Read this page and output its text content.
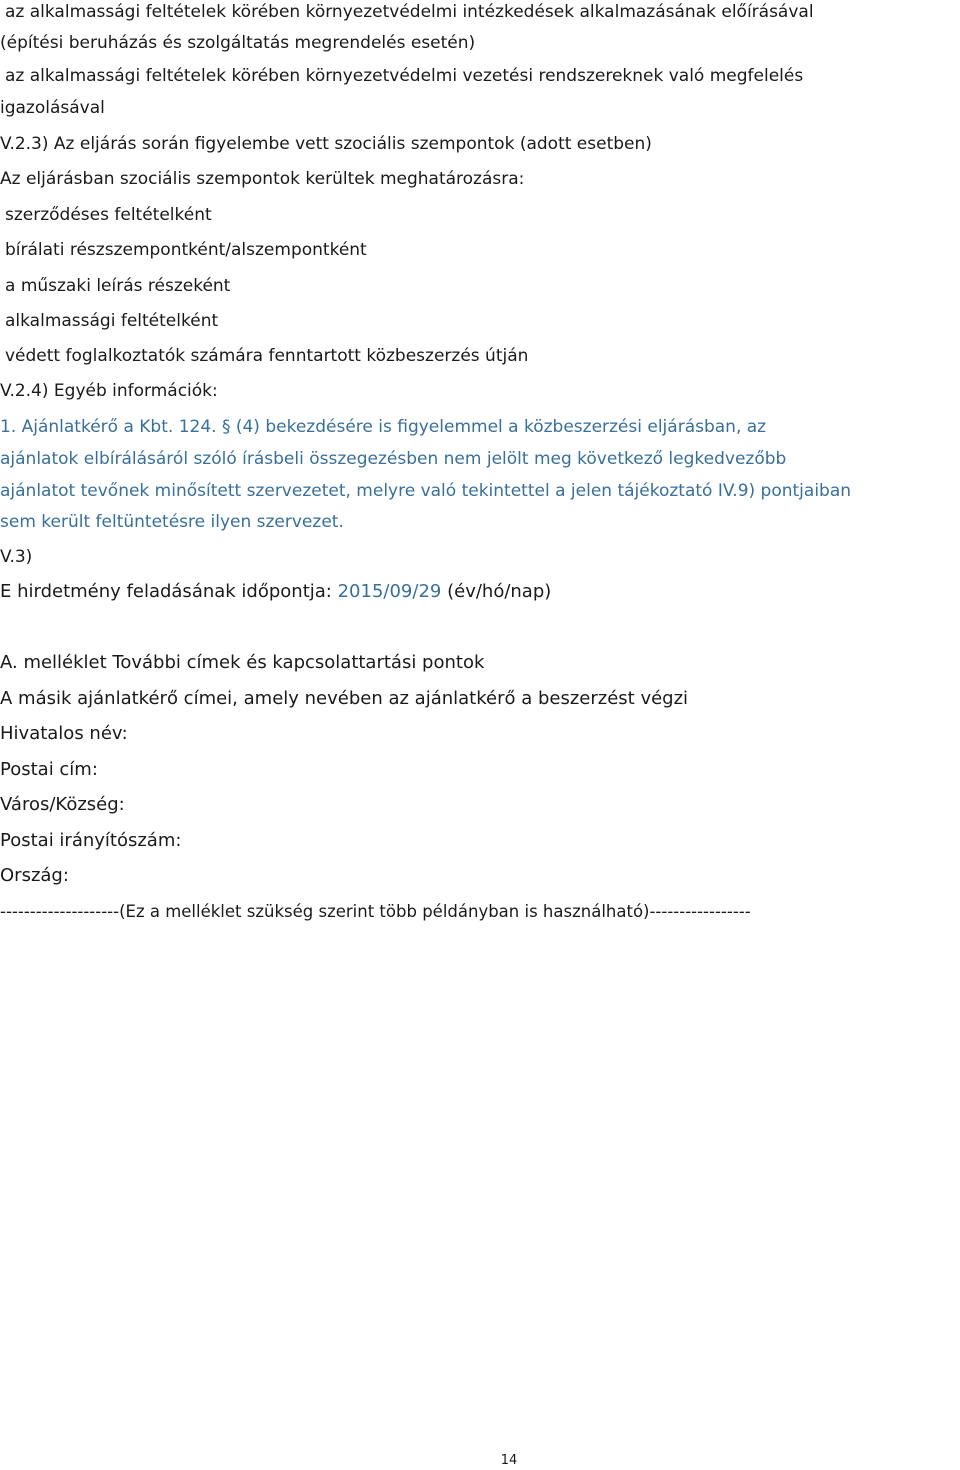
az alkalmassági feltételek körében környezetvédelmi intézkedések alkalmazásának előírásával
(építési beruházás és szolgáltatás megrendelés esetén)
az alkalmassági feltételek körében környezetvédelmi vezetési rendszereknek való megfelelés
igazolásával
V.2.3) Az eljárás során figyelembe vett szociális szempontok (adott esetben)
Az eljárásban szociális szempontok kerültek meghatározásra:
szerződéses feltételként
bírálati részszempontként/alszempontként
a műszaki leírás részeként
alkalmassági feltételként
védett foglalkoztatók számára fenntartott közbeszerzés útján
V.2.4) Egyéb információk:
1. Ajánlatkérő a Kbt. 124. § (4) bekezdésére is figyelemmel a közbeszerzési eljárásban, az
ajánlatok elbírálásáról szóló írásbeli összegezésben nem jelölt meg következő legkedvezőbb
ajánlatot tevőnek minősített szervezetet, melyre való tekintettel a jelen tájékoztató IV.9) pontjaiban
sem került feltüntetésre ilyen szervezet.
V.3)
E hirdetmény feladásának időpontja: 2015/09/29 (év/hó/nap)
A. melléklet További címek és kapcsolattartási pontok
A másik ajánlatkérő címei, amely nevében az ajánlatkérő a beszerzést végzi
Hivatalos név:
Postai cím:
Város/Község:
Postai irányítószám:
Ország:
--------------------(Ez a melléklet szükség szerint több példányban is használható)-----------------
14
